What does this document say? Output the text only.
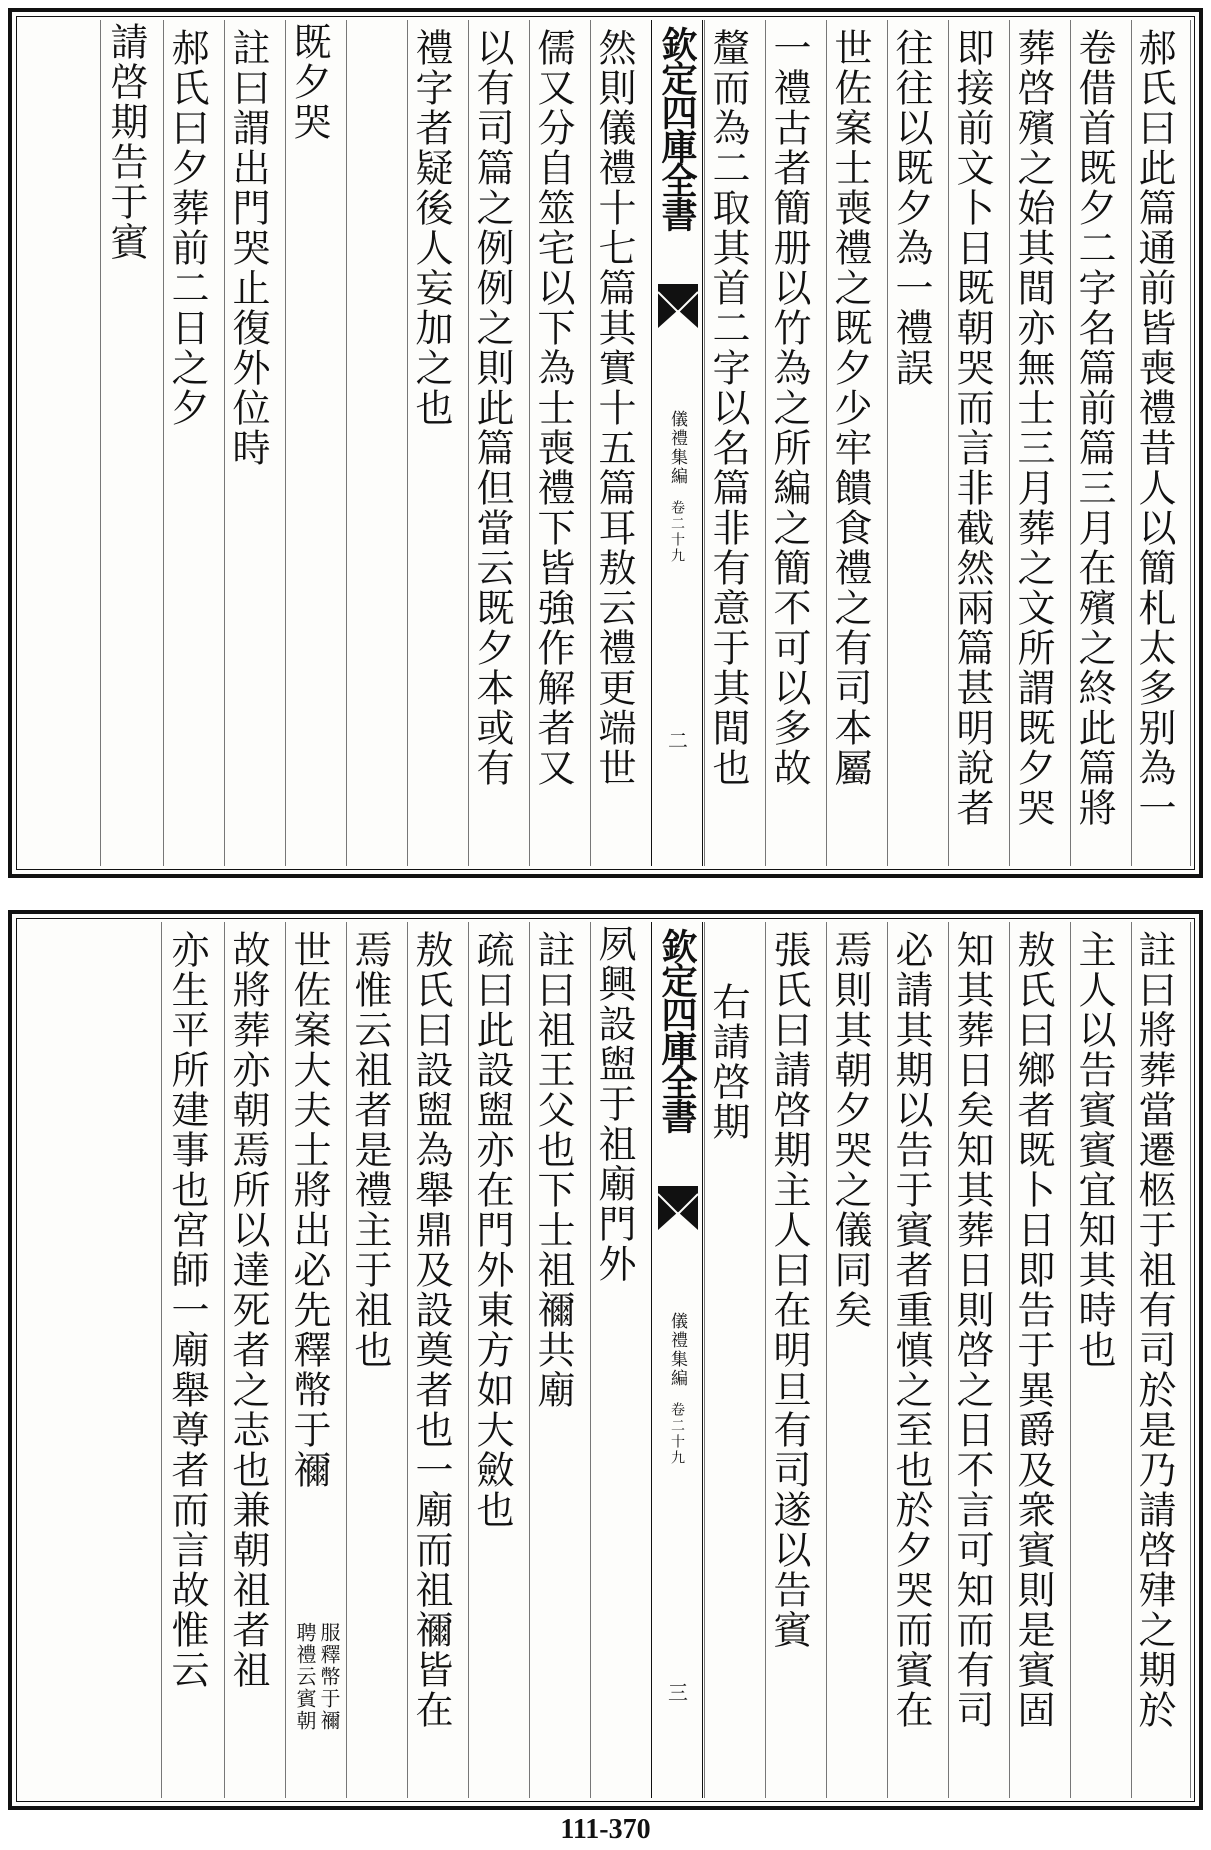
郝氏曰此篇通前皆喪禮昔人以簡札太多别為一
卷借首既夕二字名篇前篇三月在殯之終此篇將
葬啓殯之始其間亦無士三月葬之文所謂既夕哭
即接前文卜日既朝哭而言非截然兩篇甚明說者
往往以既夕為一禮誤
世佐案士喪禮之既夕少牢饋食禮之有司本屬
一禮古者簡册以竹為之所編之簡不可以多故
釐而為二取其首二字以名篇非有意于其間也
欽定四庫全書
儀禮集編
卷二十九
二
然則儀禮十七篇其實十五篇耳敖云禮更端世
儒又分自筮宅以下為士喪禮下皆強作解者又
以有司篇之例例之則此篇但當云既夕本或有
禮字者疑後人妄加之也
既夕哭
註曰謂出門哭止復外位時
郝氏曰夕葬前二日之夕
請啓期告于賓
註曰將葬當遷柩于祖有司於是乃請啓肂之期於
主人以告賓賓宜知其時也
敖氏曰鄉者既卜日即告于異爵及衆賓則是賓固
知其葬日矣知其葬日則啓之日不言可知而有司
必請其期以告于賓者重慎之至也於夕哭而賓在
焉則其朝夕哭之儀同矣
張氏曰請啓期主人曰在明旦有司遂以告賓
右請啓期
欽定四庫全書
儀禮集編
卷二十九
三
夙興設盥于祖廟門外
註曰祖王父也下士祖禰共廟
疏曰此設盥亦在門外東方如大斂也
敖氏曰設盥為舉鼎及設奠者也一廟而祖禰皆在
焉惟云祖者是禮主于祖也
世佐案大夫士將出必先釋幣于禰
聘禮云賓朝 服釋幣于禰
故將葬亦朝焉所以達死者之志也兼朝祖者祖
亦生平所建事也宮師一廟舉尊者而言故惟云
111-370
